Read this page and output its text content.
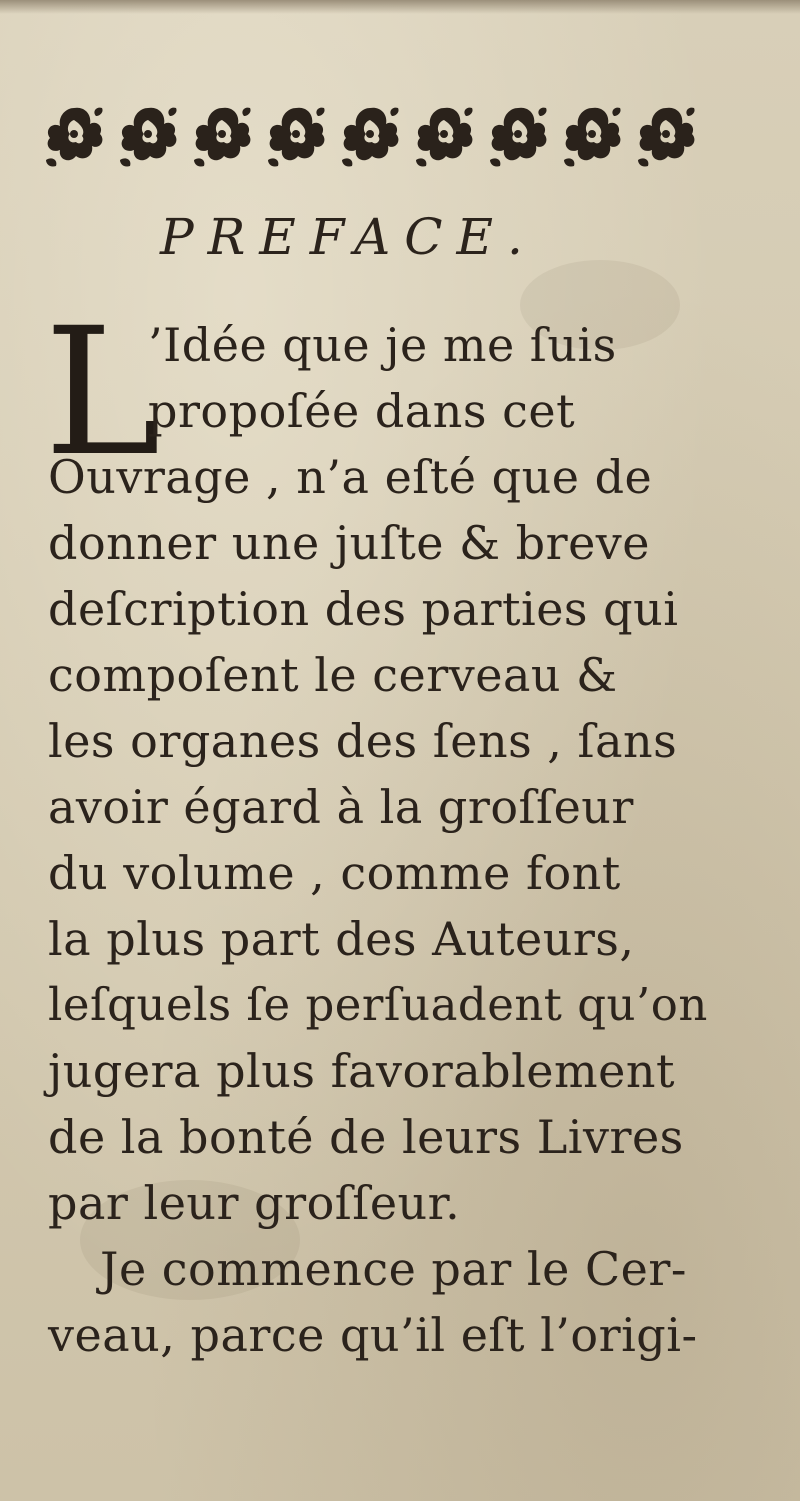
PREFACE.
L
’Idée que je me ſuis
propoſée dans cet
Ouvrage , n’a eſté que de
donner une juſte & breve
deſcription des parties qui
compoſent le cerveau &
les organes des ſens , ſans
avoir égard à la groſſeur
du volume , comme font
la plus part des Auteurs,
leſquels ſe perſuadent qu’on
jugera plus favorablement
de la bonté de leurs Livres
par leur groſſeur.
Je commence par le Cer-
veau, parce qu’il eſt l’origi-
